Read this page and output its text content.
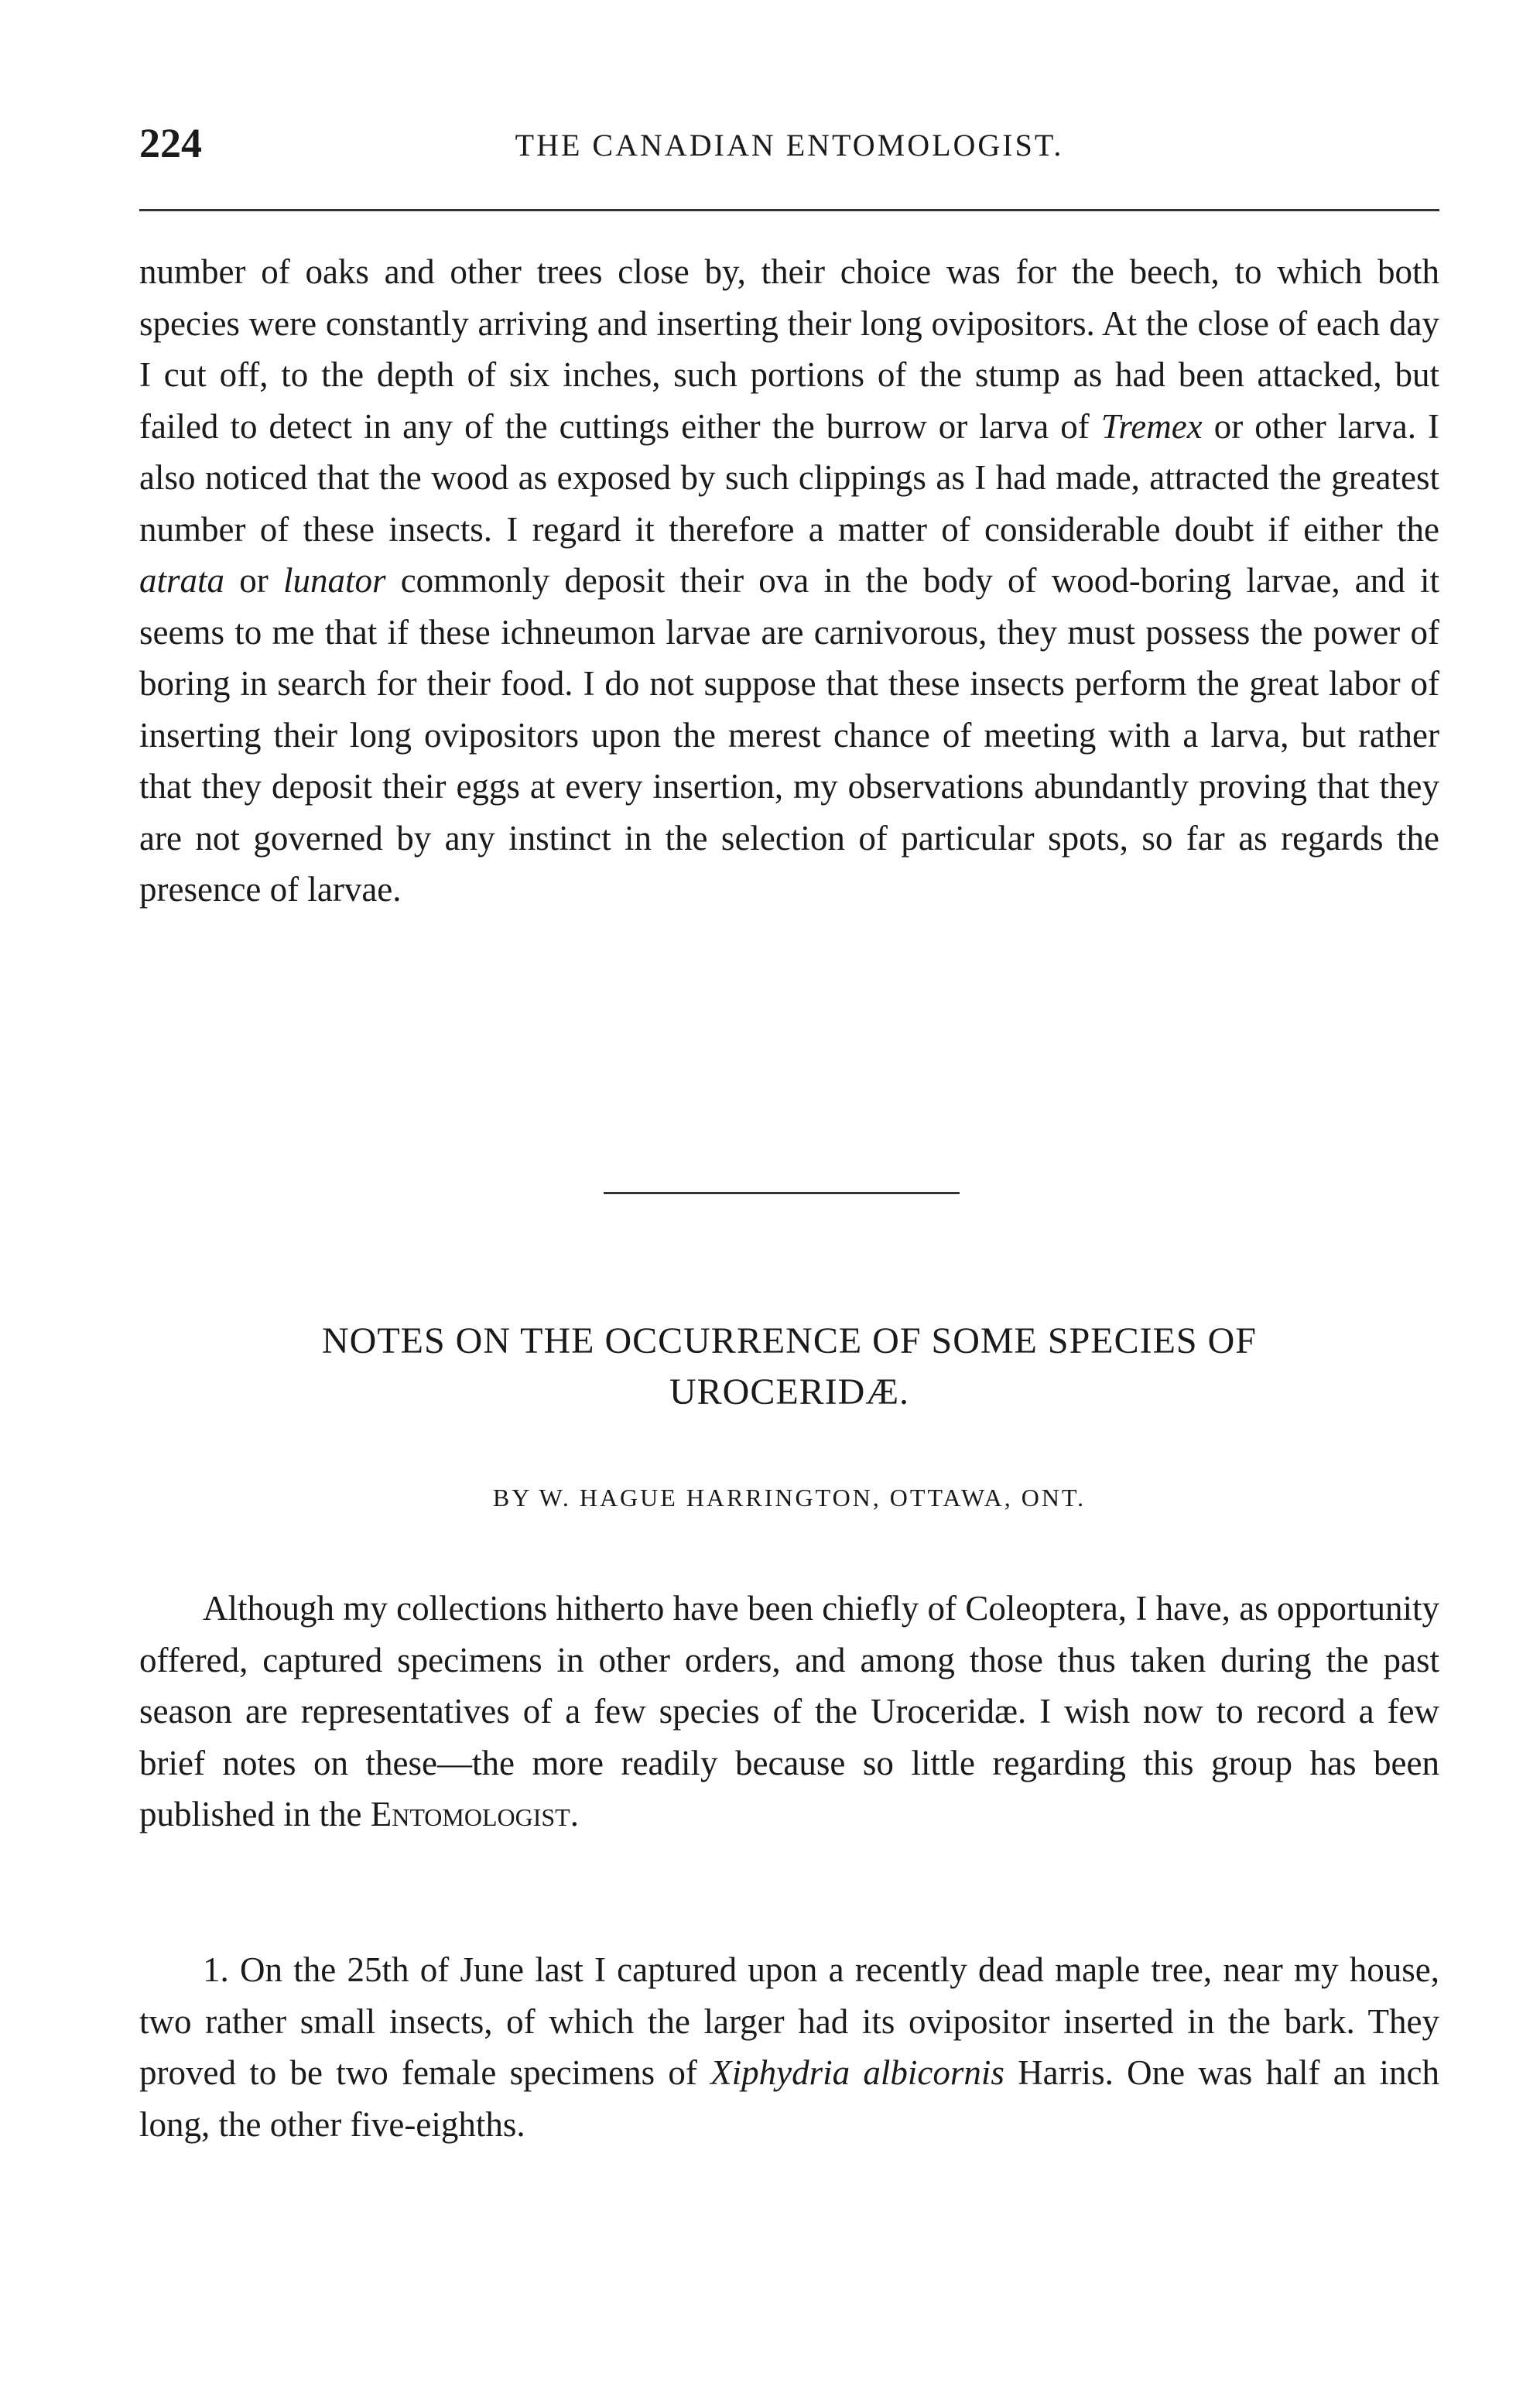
224	THE CANADIAN ENTOMOLOGIST.

number of oaks and other trees close by, their choice was for the beech, to which both species were constantly arriving and inserting their long ovipositors. At the close of each day I cut off, to the depth of six inches, such portions of the stump as had been attacked, but failed to detect in any of the cuttings either the burrow or larva of Tremex or other larva. I also noticed that the wood as exposed by such clippings as I had made, attracted the greatest number of these insects. I regard it therefore a matter of considerable doubt if either the atrata or lunator commonly deposit their ova in the body of wood-boring larvae, and it seems to me that if these ichneumon larvae are carnivorous, they must possess the power of boring in search for their food. I do not suppose that these insects perform the great labor of inserting their long ovipositors upon the merest chance of meeting with a larva, but rather that they deposit their eggs at every insertion, my observations abundantly proving that they are not governed by any instinct in the selection of particular spots, so far as regards the presence of larvae.

NOTES ON THE OCCURRENCE OF SOME SPECIES OF
UROCERIDÆ.
BY W. HAGUE HARRINGTON, OTTAWA, ONT.

Although my collections hitherto have been chiefly of Coleoptera, I have, as opportunity offered, captured specimens in other orders, and among those thus taken during the past season are representatives of a few species of the Uroceridæ. I wish now to record a few brief notes on these—the more readily because so little regarding this group has been published in the Entomologist.

1. On the 25th of June last I captured upon a recently dead maple tree, near my house, two rather small insects, of which the larger had its ovipositor inserted in the bark. They proved to be two female specimens of Xiphydria albicornis Harris. One was half an inch long, the other five-eighths.
